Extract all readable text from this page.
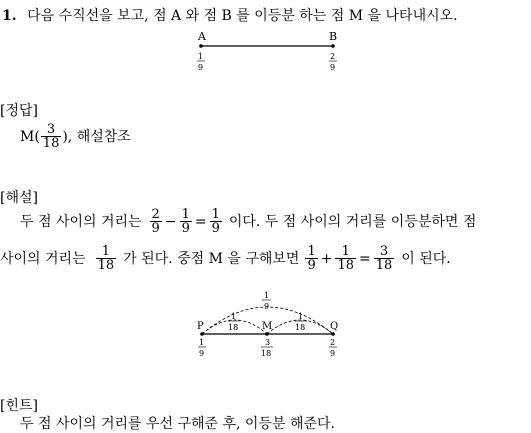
1. 다음 수직선을 보고, 점 A 와 점 B 를 이등분 하는 점 M 을 나타내시오.
A	B
1
9
2
9
[정답]
$M( \frac{3}{18}$ ), 해설참조
[해설]
두 점 사이의 거리는 $\frac{2}{9} - \frac{1}{9} = \frac{1}{9}$ 이다. 두 점 사이의 거리를 이등분하면 점
사이의 거리는 $\frac{1}{18}$ 가 된다. 중점 M 을 구해보면 $\frac{1}{9} + \frac{1}{18} = \frac{3}{18}$ 이 된다.
1
9
1
18
1
18
P	M	Q
1
9
3
18
2
9
[힌트]
두 점 사이의 거리를 우선 구해준 후, 이등분 해준다.
